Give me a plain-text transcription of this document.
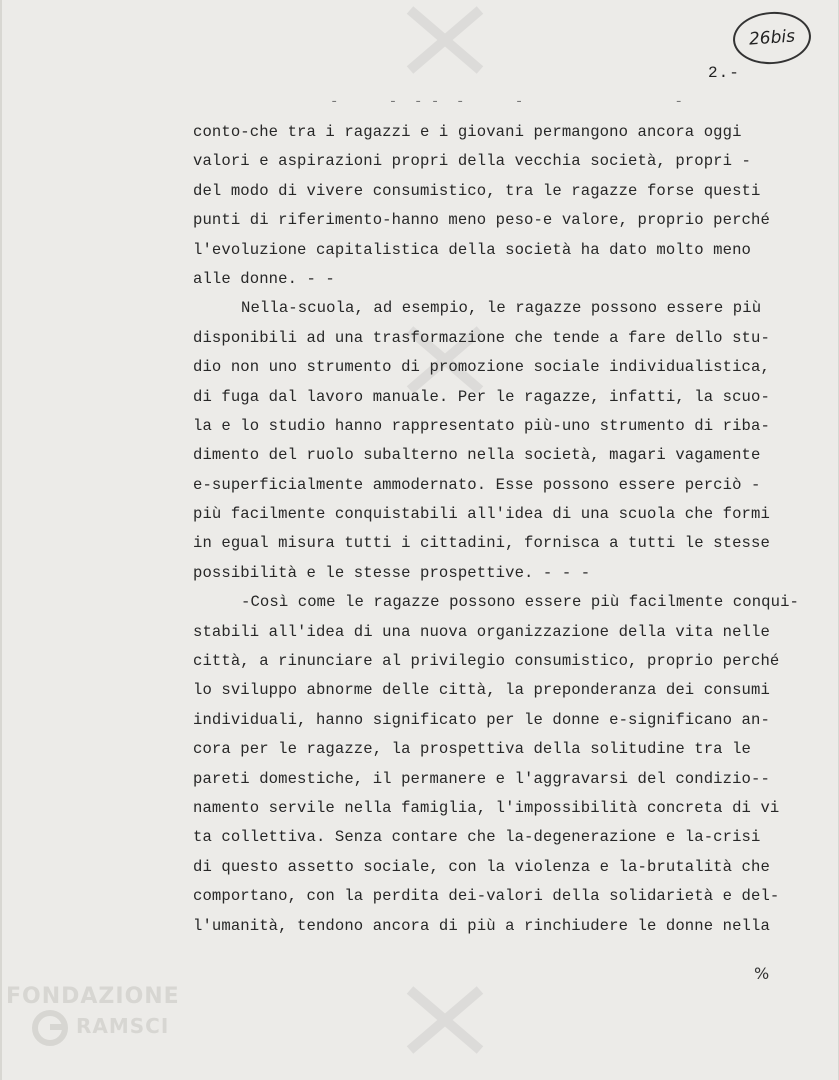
26bis
2.-
-      -  - -  -      -                  -
conto-che tra i ragazzi e i giovani permangono ancora oggi
valori e aspirazioni propri della vecchia società, propri -
del modo di vivere consumistico, tra le ragazze forse questi
punti di riferimento-hanno meno peso-e valore, proprio perché
l'evoluzione capitalistica della società ha dato molto meno
alle donne. - -
Nella-scuola, ad esempio, le ragazze possono essere più
disponibili ad una trasformazione che tende a fare dello stu-
dio non uno strumento di promozione sociale individualistica,
di fuga dal lavoro manuale. Per le ragazze, infatti, la scuo-
la e lo studio hanno rappresentato più-uno strumento di riba-
dimento del ruolo subalterno nella società, magari vagamente
e-superficialmente ammodernato. Esse possono essere perciò -
più facilmente conquistabili all'idea di una scuola che formi
in egual misura tutti i cittadini, fornisca a tutti le stesse
possibilità e le stesse prospettive. - - -
-Così come le ragazze possono essere più facilmente conqui-
stabili all'idea di una nuova organizzazione della vita nelle
città, a rinunciare al privilegio consumistico, proprio perché
lo sviluppo abnorme delle città, la preponderanza dei consumi
individuali, hanno significato per le donne e-significano an-
cora per le ragazze, la prospettiva della solitudine tra le
pareti domestiche, il permanere e l'aggravarsi del condizio--
namento servile nella famiglia, l'impossibilità concreta di vi
ta collettiva. Senza contare che la-degenerazione e la-crisi
di questo assetto sociale, con la violenza e la-brutalità che
comportano, con la perdita dei-valori della solidarietà e del-
l'umanità, tendono ancora di più a rinchiudere le donne nella
%
FONDAZIONE
RAMSCI
